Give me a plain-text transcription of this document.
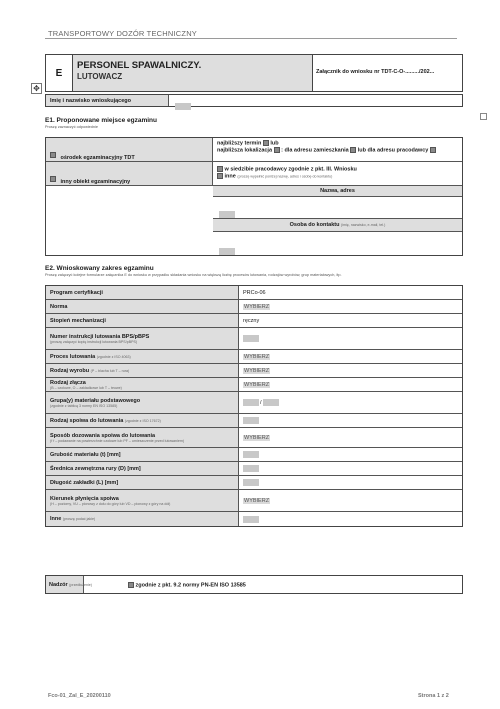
TRANSPORTOWY DOZÓR TECHNICZNY
E
PERSONEL SPAWALNICZY.
LUTOWACZ	Załącznik do wniosku nr TDT-C-O-........./202...
✥
Imię i nazwisko wnioskującego
E1. Proponowane miejsce egzaminu
Proszę zaznaczyć odpowiednie
ośrodek egzaminacyjny TDT
najbliższy termin lub
najbliższa lokalizacja : dla adresu zamieszkania lub dla adresu pracodawcy
inny obiekt egzaminacyjny
w siedzibie pracodawcy zgodnie z pkt. III. Wniosku
inne (proszę wypełnić poniżej nazwę, adres i osobę do kontaktu)
Nazwa, adres
Osoba do kontaktu (imię, nazwisko, e-mail, tel.)
E2. Wnioskowany zakres egzaminu
Proszę załączyć kolejne formularze załącznika E do wniosku w przypadku składania wniosku na większą liczbę procesów lutowania, rodzajów wyrobów, grup materiałowych, itp.
Program certyfikacji	PRCo-06
Norma	WYBIERZ
Stopień mechanizacji	ręczny
Numer instrukcji lutowania BPS/pBPS
(proszę załączyć kopię instrukcji lutowania BPS/pBPS)
Proces lutowania (zgodnie z ISO 4063)	WYBIERZ
Rodzaj wyrobu (P – blacha lub T – rura)	WYBIERZ
Rodzaj złącza
(B – czołowe, O – zakładkowe lub T – teowe)	WYBIERZ
Grupa(y) materiału podstawowego
(zgodnie z tablicą 3 normy EN ISO 13585)	/
Rodzaj spoiwa do lutowania (zgodnie z ISO 17672)
Sposób dozowania spoiwa do lutowania
(f f – podawanie na powierzchnie czołowe lub PF – umieszczenie przed lutowaniem)	WYBIERZ
Grubość materiału (t) [mm]
Średnica zewnętrzna rury (D) [mm]
Długość zakładki (L) [mm]
Kierunek płynięcia spoiwa
(H – poziomy, VU – pionowy z dołu do góry lub VD – pionowy z góry na dół)	WYBIERZ
Inne (proszę podać jakie)
Nadzór (przedłużenie)	zgodnie z pkt. 9.2 normy PN-EN ISO 13585
Fco-01_Zal_E_20200110	Strona 1 z 2
